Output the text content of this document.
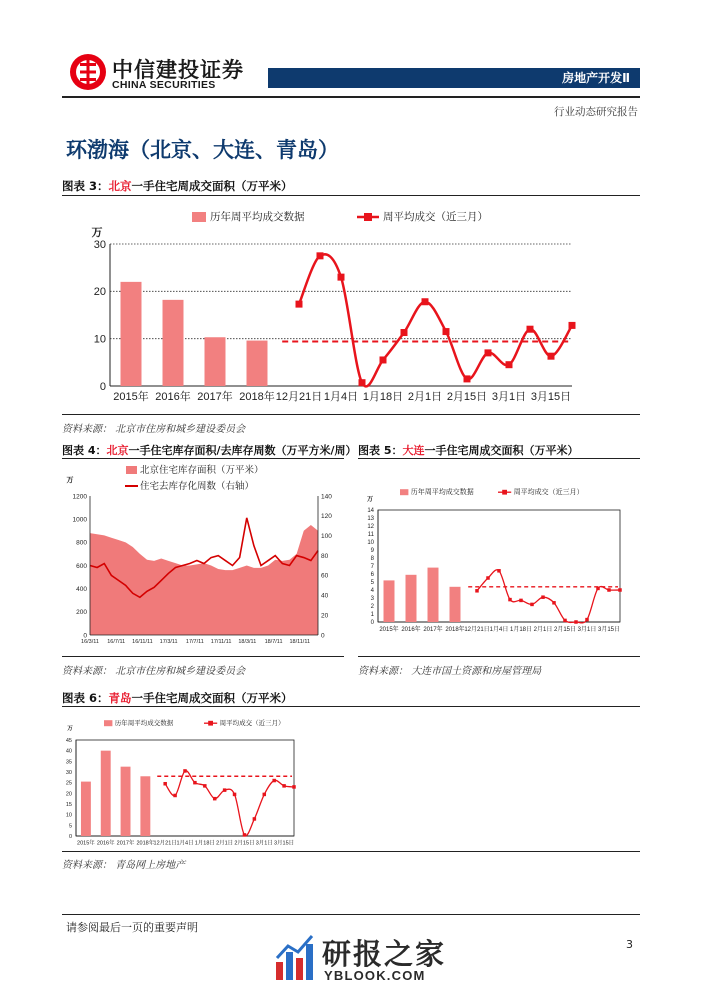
中信建投证券
CHINA SECURITIES	房地产开发Ⅱ
行业动态研究报告
环渤海（北京、大连、青岛）
图表 3：北京一手住宅周成交面积（万平米）
0
10
20
30
万
2015年 2016年 2017年 2018年 12月21日 1月4日 1月18日 2月1日 2月15日 3月1日 3月15日
历年周平均成交数据	周平均成交（近三月）
资料来源： 北京市住房和城乡建设委员会
图表 4：北京一手住宅库存面积/去库存周数（万平方米/周）
0
200
400
600
800
1000
1200
0
20
40
60
80
100
120
140
16/3/11 16/7/11 16/11/11 17/3/11 17/7/11 17/11/11 18/3/11 18/7/11 18/11/11
万
北京住宅库存面积（万平米）
住宅去库存化周数（右轴）
资料来源： 北京市住房和城乡建设委员会
图表 5：大连一手住宅周成交面积（万平米）
0
1
2
3
4
5
6
7
8
9
10
11
12
13
14
万
2015年 2016年 2017年 2018年 12月21日 1月4日 1月18日 2月1日 2月15日 3月1日 3月15日
历年周平均成交数据	周平均成交（近三月）
资料来源： 大连市国土资源和房屋管理局
图表 6：青岛一手住宅周成交面积（万平米）
0
5
10
15
20
25
30
35
40
45
万
2015年 2016年 2017年 2018年 12月21日 1月4日 1月18日 2月1日 2月15日 3月1日 3月15日
历年周平均成交数据	周平均成交（近三月）
资料来源： 青岛网上房地产
请参阅最后一页的重要声明
3
研报之家
YBLOOK.COM
